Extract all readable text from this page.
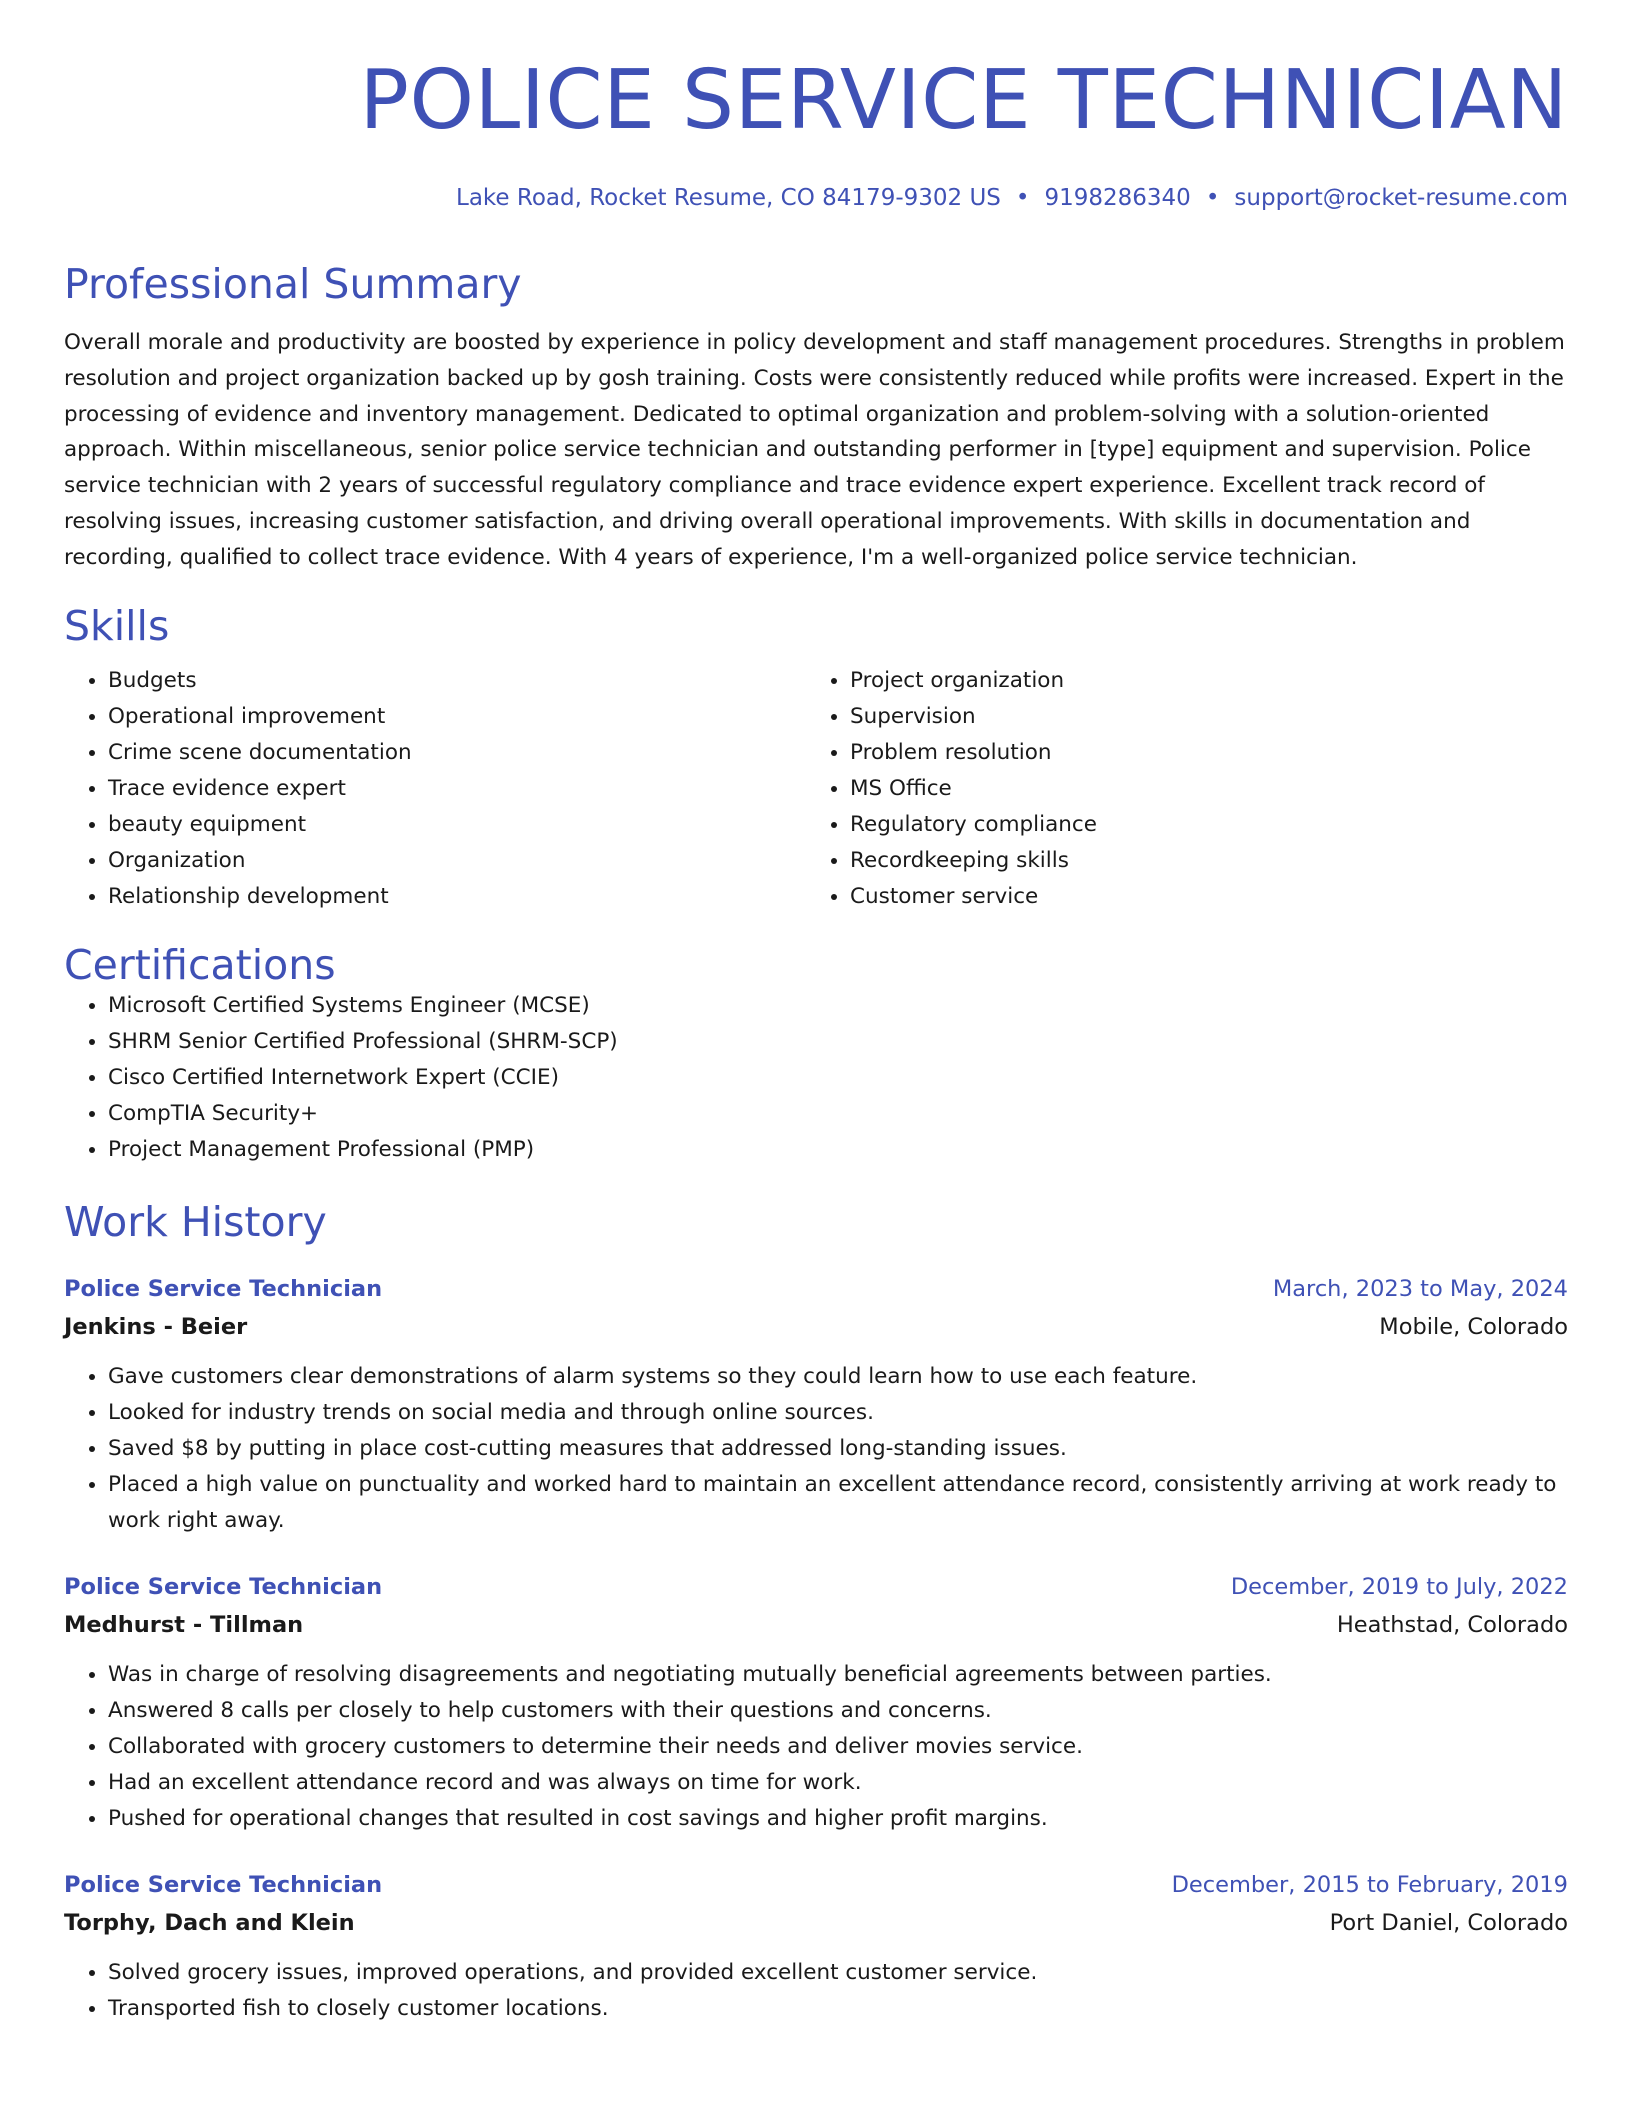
POLICE SERVICE TECHNICIAN
Lake Road, Rocket Resume, CO 84179-9302 US • 9198286340 • support@rocket-resume.com
Professional Summary

Overall morale and productivity are boosted by experience in policy development and staff management procedures. Strengths in problem resolution and project organization backed up by gosh training. Costs were consistently reduced while profits were increased. Expert in the processing of evidence and inventory management. Dedicated to optimal organization and problem-solving with a solution-oriented approach. Within miscellaneous, senior police service technician and outstanding performer in [type] equipment and supervision. Police service technician with 2 years of successful regulatory compliance and trace evidence expert experience. Excellent track record of resolving issues, increasing customer satisfaction, and driving overall operational improvements. With skills in documentation and recording, qualified to collect trace evidence. With 4 years of experience, I'm a well-organized police service technician.

Skills
• Budgets
• Operational improvement
• Crime scene documentation
• Trace evidence expert
• beauty equipment
• Organization
• Relationship development
• Project organization
• Supervision
• Problem resolution
• MS Office
• Regulatory compliance
• Recordkeeping skills
• Customer service
Certifications
• Microsoft Certified Systems Engineer (MCSE)
• SHRM Senior Certified Professional (SHRM-SCP)
• Cisco Certified Internetwork Expert (CCIE)
• CompTIA Security+
• Project Management Professional (PMP)
Work History
Police Service Technician	March, 2023 to May, 2024
Jenkins - Beier	Mobile, Colorado
• Gave customers clear demonstrations of alarm systems so they could learn how to use each feature.
• Looked for industry trends on social media and through online sources.
• Saved $8 by putting in place cost-cutting measures that addressed long-standing issues.
• Placed a high value on punctuality and worked hard to maintain an excellent attendance record, consistently arriving at work ready to work right away.
Police Service Technician	December, 2019 to July, 2022
Medhurst - Tillman	Heathstad, Colorado
• Was in charge of resolving disagreements and negotiating mutually beneficial agreements between parties.
• Answered 8 calls per closely to help customers with their questions and concerns.
• Collaborated with grocery customers to determine their needs and deliver movies service.
• Had an excellent attendance record and was always on time for work.
• Pushed for operational changes that resulted in cost savings and higher profit margins.
Police Service Technician	December, 2015 to February, 2019
Torphy, Dach and Klein	Port Daniel, Colorado
• Solved grocery issues, improved operations, and provided excellent customer service.
• Transported fish to closely customer locations.
